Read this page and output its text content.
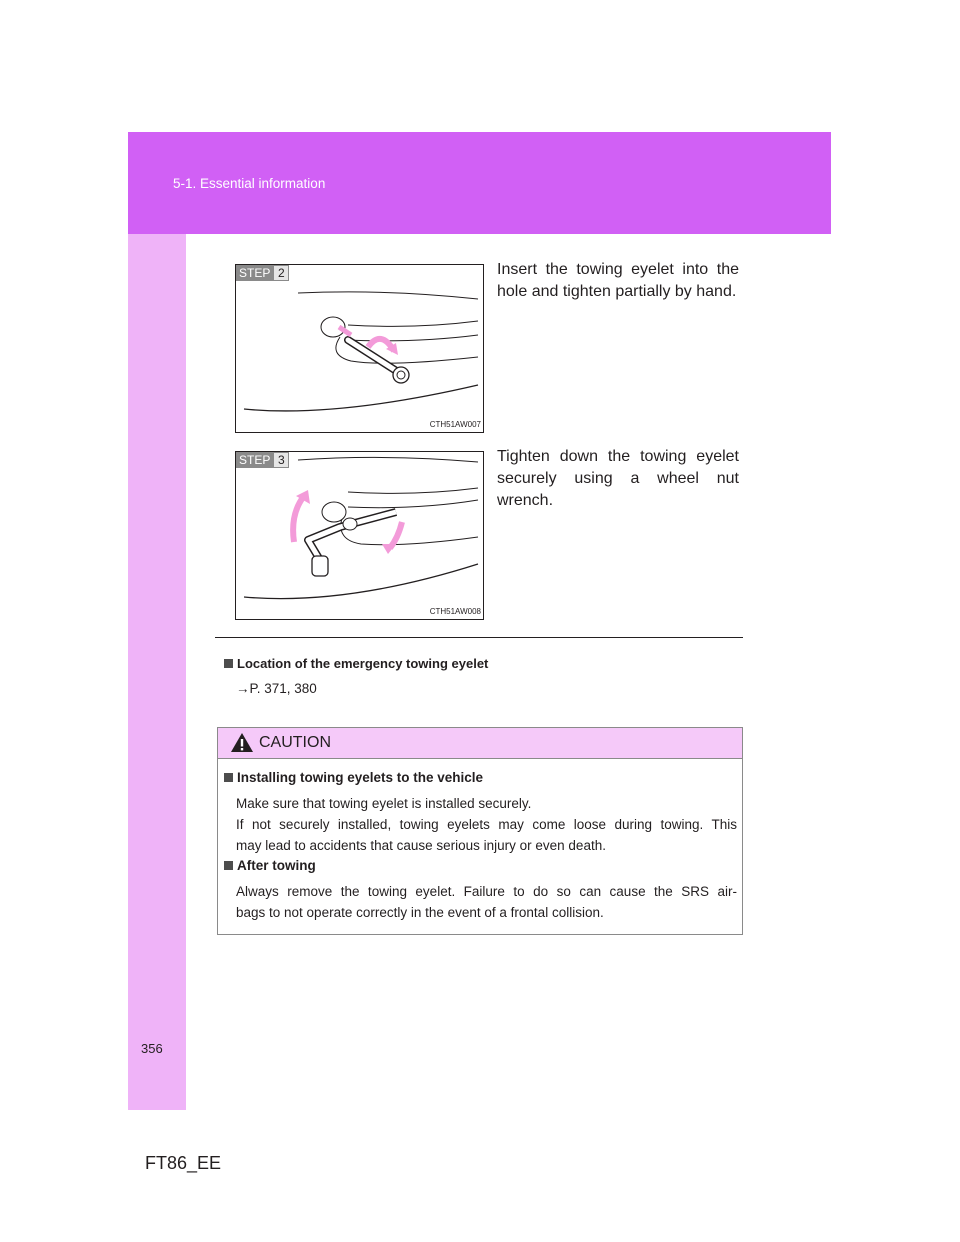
5-1. Essential information
STEP 2
CTH51AW007
Insert the towing eyelet into the hole and tighten partially by hand.
STEP 3
CTH51AW008
Tighten down the towing eyelet securely using a wheel nut wrench.
Location of the emergency towing eyelet
→P. 371, 380
CAUTION
Installing towing eyelets to the vehicle
Make sure that towing eyelet is installed securely.
If not securely installed, towing eyelets may come loose during towing. This
may lead to accidents that cause serious injury or even death.
After towing
Always remove the towing eyelet. Failure to do so can cause the SRS air-
bags to not operate correctly in the event of a frontal collision.
356
FT86_EE
